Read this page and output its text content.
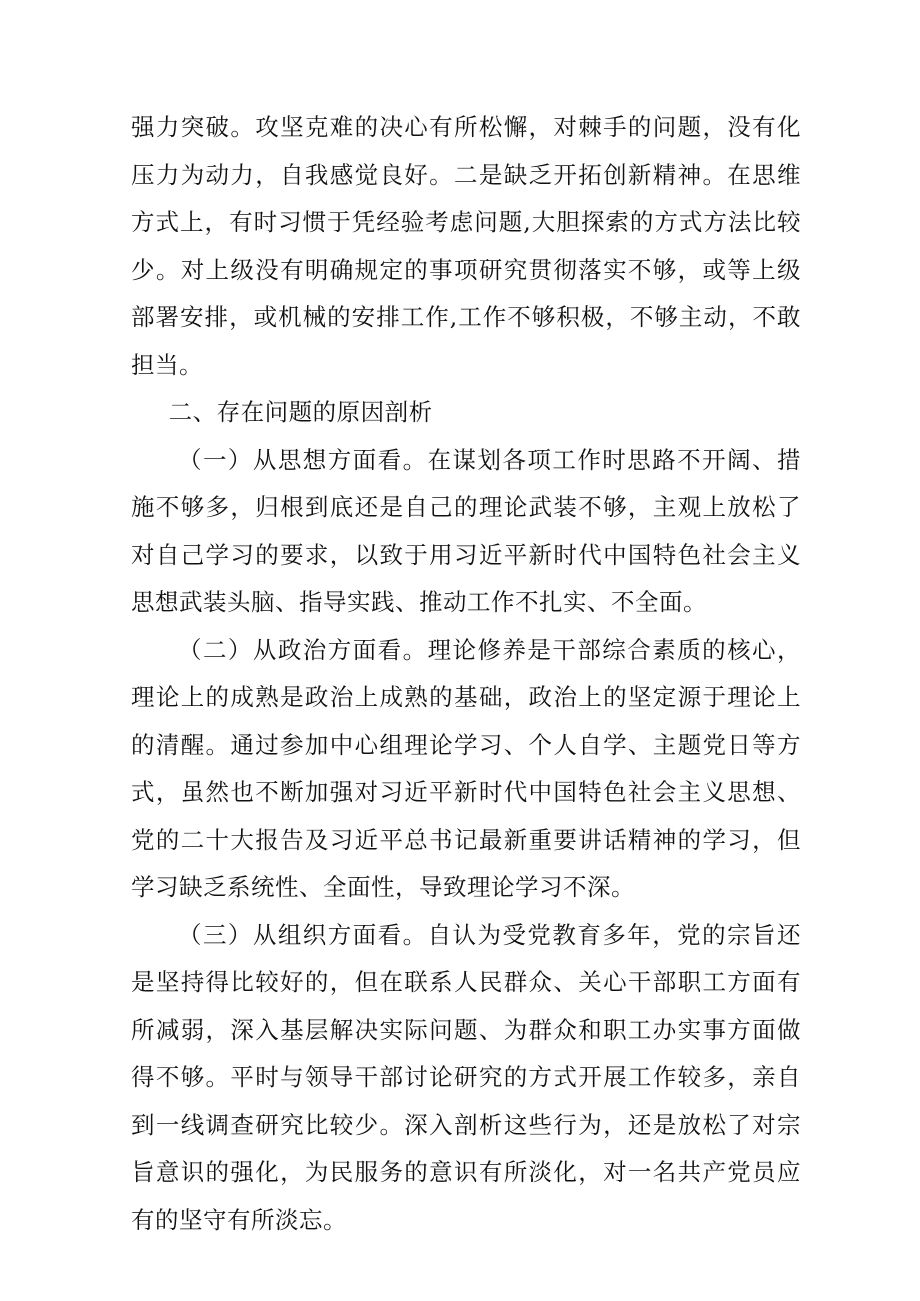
强力突破。攻坚克难的决心有所松懈，对棘手的问题，没有化压力为动力，自我感觉良好。二是缺乏开拓创新精神。在思维方式上，有时习惯于凭经验考虑问题,大胆探索的方式方法比较少。对上级没有明确规定的事项研究贯彻落实不够，或等上级部署安排，或机械的安排工作,工作不够积极，不够主动，不敢担当。

二、存在问题的原因剖析

（一）从思想方面看。在谋划各项工作时思路不开阔、措施不够多，归根到底还是自己的理论武装不够，主观上放松了对自己学习的要求，以致于用习近平新时代中国特色社会主义思想武装头脑、指导实践、推动工作不扎实、不全面。

（二）从政治方面看。理论修养是干部综合素质的核心，理论上的成熟是政治上成熟的基础，政治上的坚定源于理论上的清醒。通过参加中心组理论学习、个人自学、主题党日等方式，虽然也不断加强对习近平新时代中国特色社会主义思想、党的二十大报告及习近平总书记最新重要讲话精神的学习，但学习缺乏系统性、全面性，导致理论学习不深。

（三）从组织方面看。自认为受党教育多年，党的宗旨还是坚持得比较好的，但在联系人民群众、关心干部职工方面有所减弱，深入基层解决实际问题、为群众和职工办实事方面做得不够。平时与领导干部讨论研究的方式开展工作较多，亲自到一线调查研究比较少。深入剖析这些行为，还是放松了对宗旨意识的强化，为民服务的意识有所淡化，对一名共产党员应有的坚守有所淡忘。
